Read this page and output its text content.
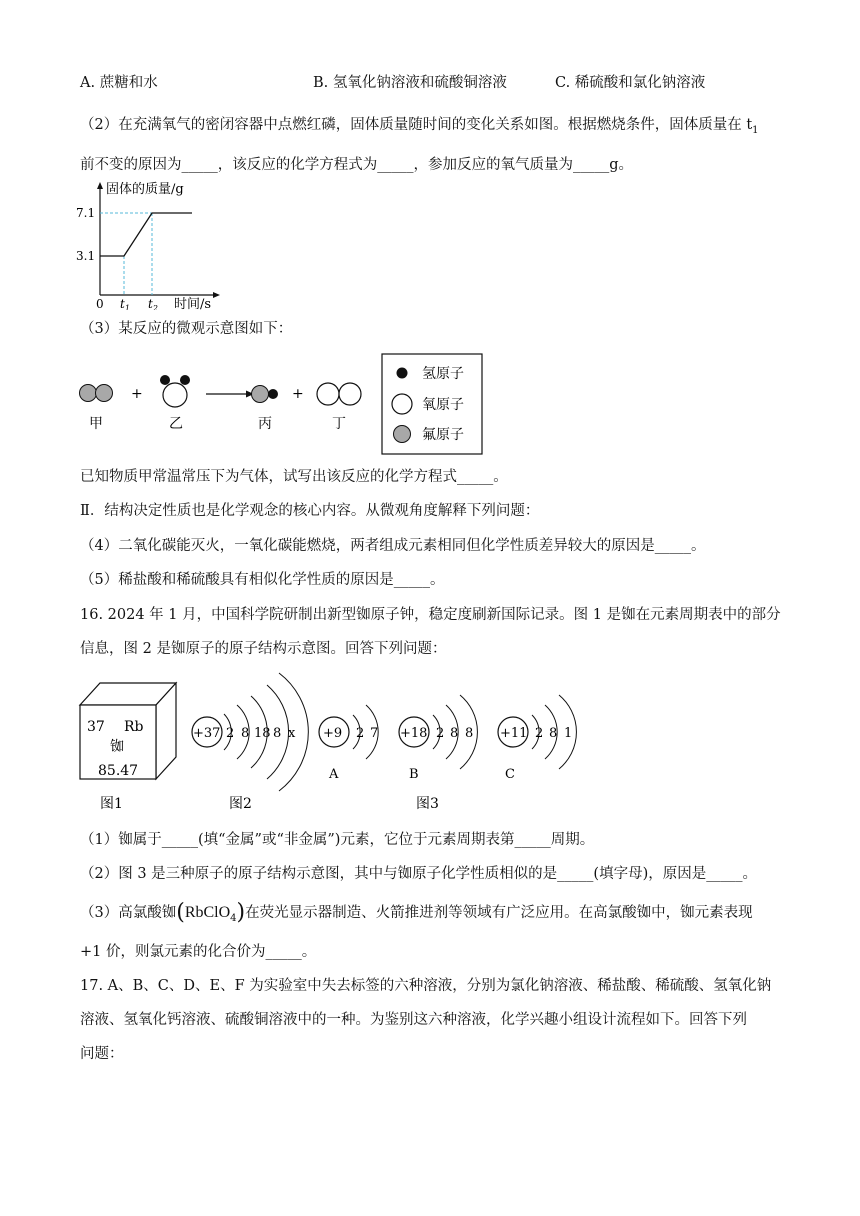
A. 蔗糖和水	B. 氢氧化钠溶液和硫酸铜溶液	C. 稀硫酸和氯化钠溶液
（2）在充满氧气的密闭容器中点燃红磷，固体质量随时间的变化关系如图。根据燃烧条件，固体质量在 $t_1$
前不变的原因为_____，该反应的化学方程式为_____，参加反应的氧气质量为_____g。
固体的质量/g
7.1
3.1
0 $t_1$ $t_2$ 时间/s
（3）某反应的微观示意图如下：
+	+
甲	乙	丙	丁
氢原子
氧原子
氟原子
已知物质甲常温常压下为气体，试写出该反应的化学方程式_____。
Ⅱ．结构决定性质也是化学观念的核心内容。从微观角度解释下列问题：
（4）二氧化碳能灭火，一氧化碳能燃烧，两者组成元素相同但化学性质差异较大的原因是_____。
（5）稀盐酸和稀硫酸具有相似化学性质的原因是_____。
16. 2024 年 1 月，中国科学院研制出新型铷原子钟，稳定度刷新国际记录。图 1 是铷在元素周期表中的部分
信息，图 2 是铷原子的原子结构示意图。回答下列问题：
37 Rb
铷
85.47
+37 2 8 18 8 x +9 2 7
A
+18 2 8 8
B
+11 2 8 1
C
图1	图2	图3
（1）铷属于_____(填“金属”或“非金属”)元素，它位于元素周期表第_____周期。
（2）图 3 是三种原子的原子结构示意图，其中与铷原子化学性质相似的是_____(填字母)，原因是_____。
（3）高氯酸铷(RbClO$_4$)在荧光显示器制造、火箭推进剂等领域有广泛应用。在高氯酸铷中，铷元素表现
+1 价，则氯元素的化合价为_____。
17. A、B、C、D、E、F 为实验室中失去标签的六种溶液，分别为氯化钠溶液、稀盐酸、稀硫酸、氢氧化钠
溶液、氢氧化钙溶液、硫酸铜溶液中的一种。为鉴别这六种溶液，化学兴趣小组设计流程如下。回答下列
问题：
